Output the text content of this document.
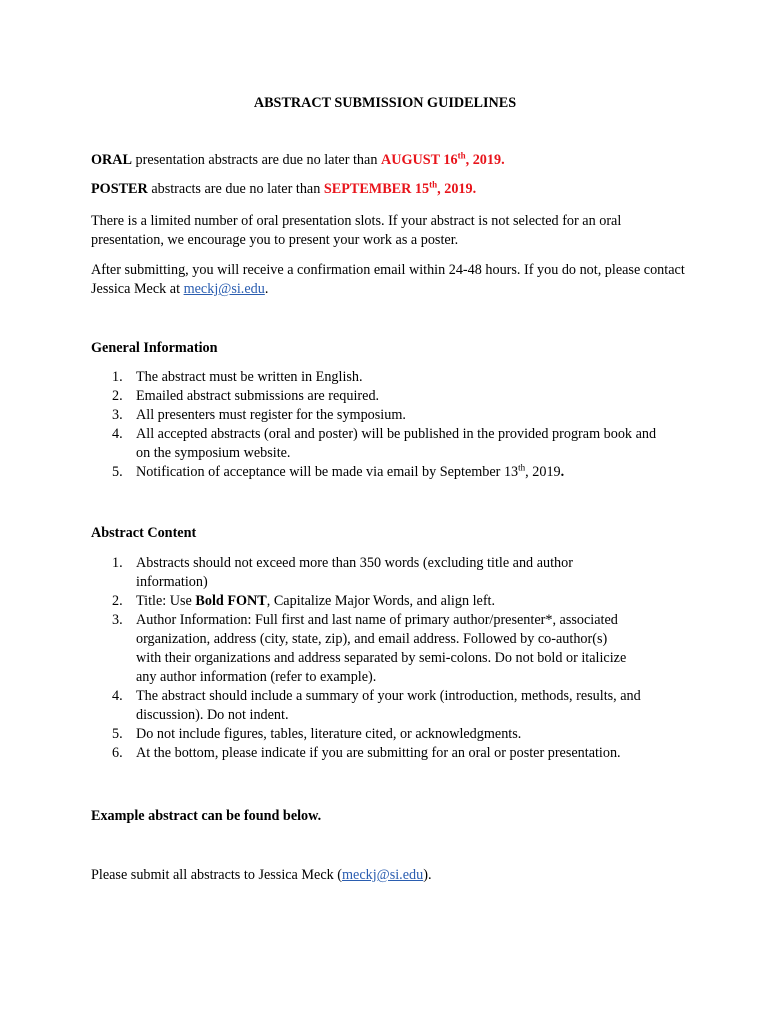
ABSTRACT SUBMISSION GUIDELINES
ORAL presentation abstracts are due no later than AUGUST 16th, 2019.
POSTER abstracts are due no later than SEPTEMBER 15th, 2019.
There is a limited number of oral presentation slots. If your abstract is not selected for an oral presentation, we encourage you to present your work as a poster.
After submitting, you will receive a confirmation email within 24-48 hours. If you do not, please contact Jessica Meck at meckj@si.edu.
General Information
1. The abstract must be written in English.
2. Emailed abstract submissions are required.
3. All presenters must register for the symposium.
4. All accepted abstracts (oral and poster) will be published in the provided program book and on the symposium website.
5. Notification of acceptance will be made via email by September 13th, 2019.
Abstract Content
1. Abstracts should not exceed more than 350 words (excluding title and author information)
2. Title: Use Bold FONT, Capitalize Major Words, and align left.
3. Author Information: Full first and last name of primary author/presenter*, associated organization, address (city, state, zip), and email address. Followed by co-author(s) with their organizations and address separated by semi-colons. Do not bold or italicize any author information (refer to example).
4. The abstract should include a summary of your work (introduction, methods, results, and discussion). Do not indent.
5. Do not include figures, tables, literature cited, or acknowledgments.
6. At the bottom, please indicate if you are submitting for an oral or poster presentation.
Example abstract can be found below.
Please submit all abstracts to Jessica Meck (meckj@si.edu).
